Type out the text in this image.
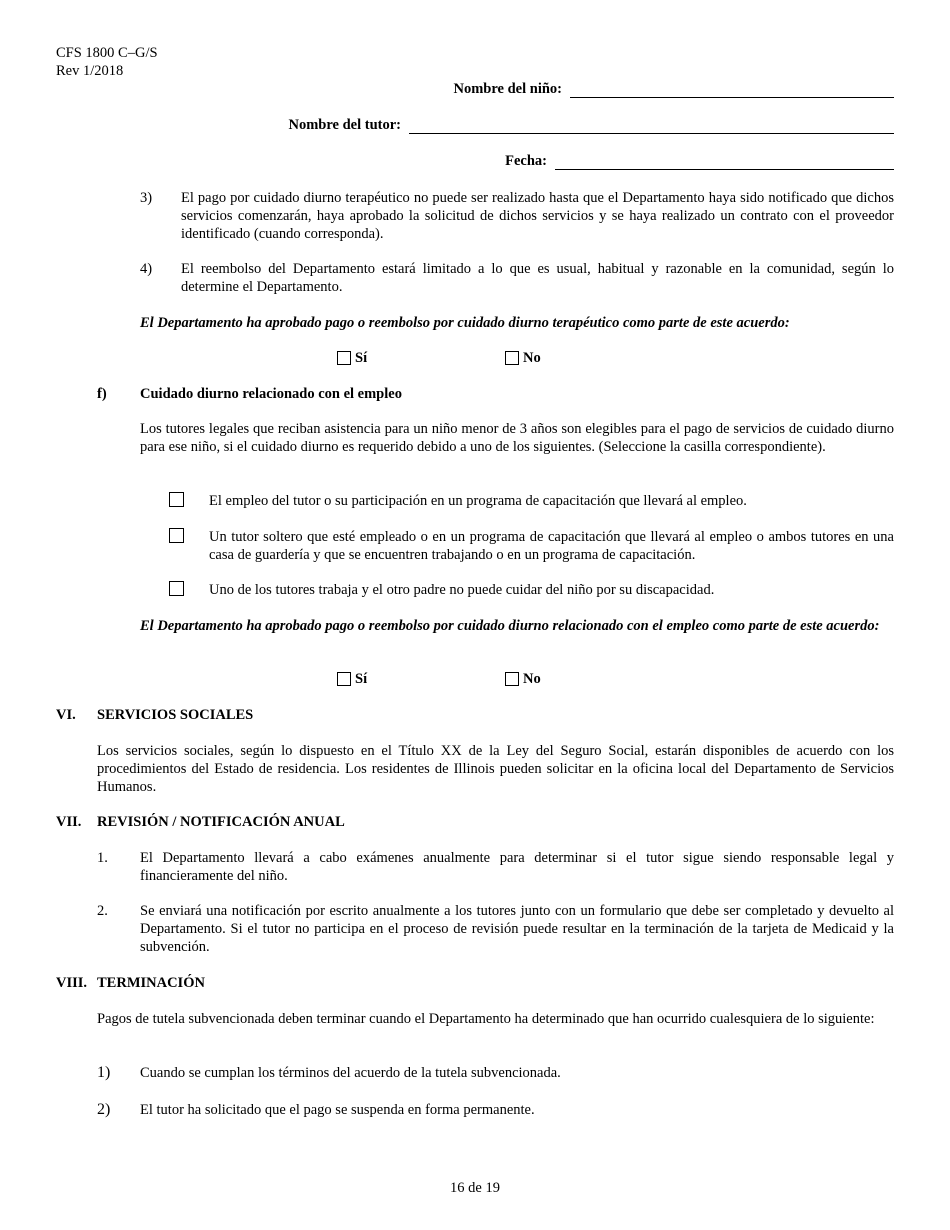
CFS 1800 C–G/S
Rev 1/2018
Nombre del niño:
Nombre del tutor:
Fecha:
3) El pago por cuidado diurno terapéutico no puede ser realizado hasta que el Departamento haya sido notificado que dichos servicios comenzarán, haya aprobado la solicitud de dichos servicios y se haya realizado un contrato con el proveedor identificado (cuando corresponda).
4) El reembolso del Departamento estará limitado a lo que es usual, habitual y razonable en la comunidad, según lo determine el Departamento.
El Departamento ha aprobado pago o reembolso por cuidado diurno terapéutico como parte de este acuerdo:
Sí	No
f) Cuidado diurno relacionado con el empleo
Los tutores legales que reciban asistencia para un niño menor de 3 años son elegibles para el pago de servicios de cuidado diurno para ese niño, si el cuidado diurno es requerido debido a uno de los siguientes. (Seleccione la casilla correspondiente).
El empleo del tutor o su participación en un programa de capacitación que llevará al empleo.
Un tutor soltero que esté empleado o en un programa de capacitación que llevará al empleo o ambos tutores en una casa de guardería y que se encuentren trabajando o en un programa de capacitación.
Uno de los tutores trabaja y el otro padre no puede cuidar del niño por su discapacidad.
El Departamento ha aprobado pago o reembolso por cuidado diurno relacionado con el empleo como parte de este acuerdo:
Sí	No
VI. SERVICIOS SOCIALES
Los servicios sociales, según lo dispuesto en el Título XX de la Ley del Seguro Social, estarán disponibles de acuerdo con los procedimientos del Estado de residencia. Los residentes de Illinois pueden solicitar en la oficina local del Departamento de Servicios Humanos.
VII. REVISIÓN / NOTIFICACIÓN ANUAL
1. El Departamento llevará a cabo exámenes anualmente para determinar si el tutor sigue siendo responsable legal y financieramente del niño.
2. Se enviará una notificación por escrito anualmente a los tutores junto con un formulario que debe ser completado y devuelto al Departamento. Si el tutor no participa en el proceso de revisión puede resultar en la terminación de la tarjeta de Medicaid y la subvención.
VIII. TERMINACIÓN
Pagos de tutela subvencionada deben terminar cuando el Departamento ha determinado que han ocurrido cualesquiera de lo siguiente:
1) Cuando se cumplan los términos del acuerdo de la tutela subvencionada.
2) El tutor ha solicitado que el pago se suspenda en forma permanente.
16 de 19
